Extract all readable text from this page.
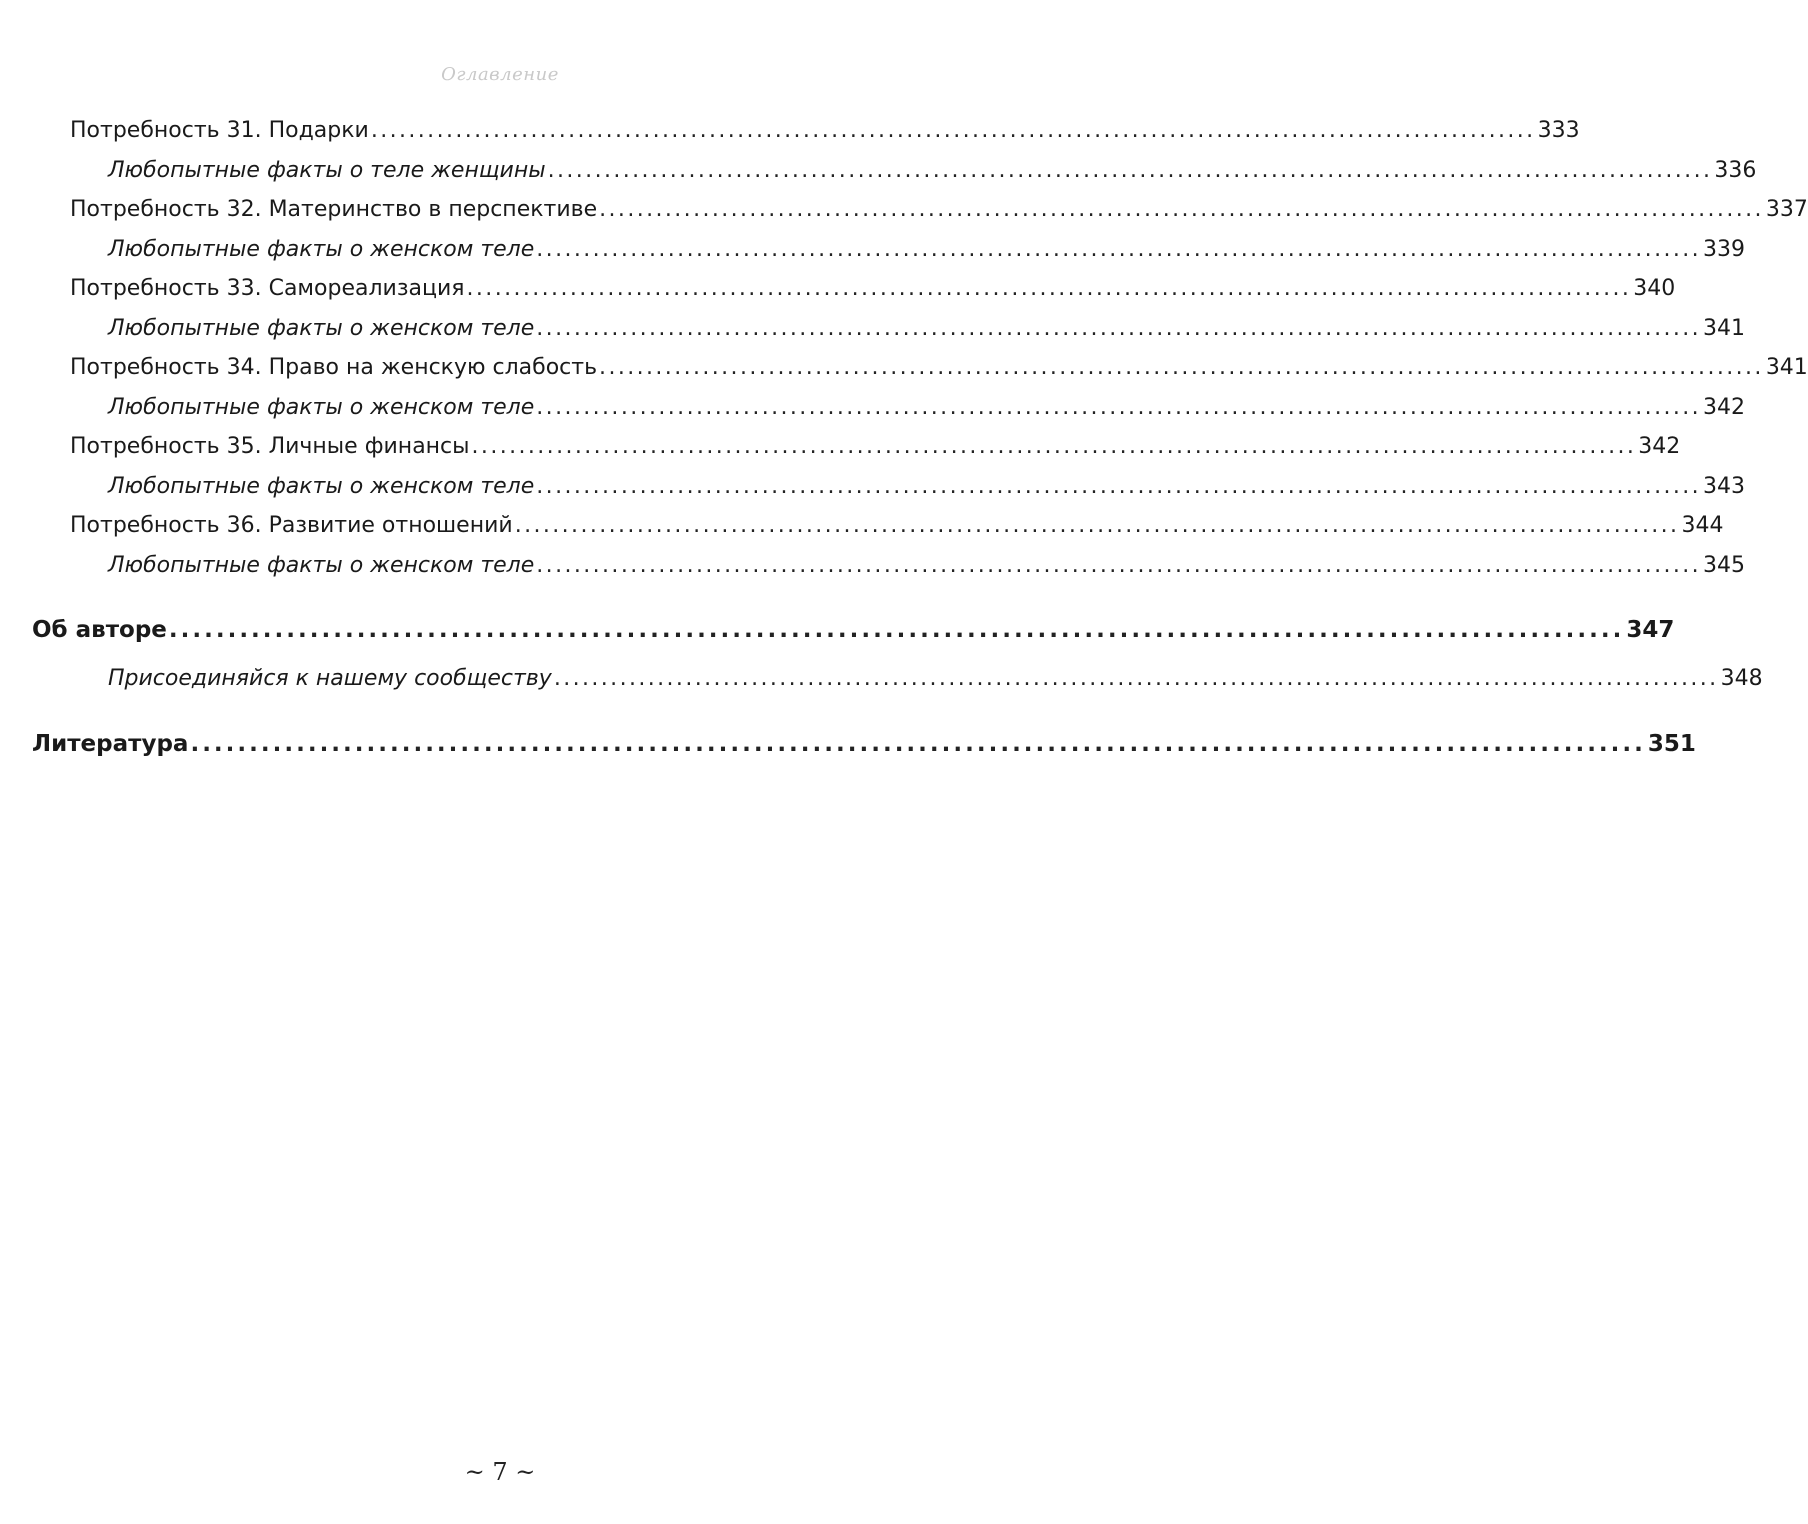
Оглавление
Потребность 31. Подарки ............................................................................................................................ 333
Любопытные факты о теле женщины ............................................................................................................................ 336
Потребность 32. Материнство в перспективе ............................................................................................................................ 337
Любопытные факты о женском теле ............................................................................................................................ 339
Потребность 33. Самореализация ............................................................................................................................ 340
Любопытные факты о женском теле ............................................................................................................................ 341
Потребность 34. Право на женскую слабость ............................................................................................................................ 341
Любопытные факты о женском теле ............................................................................................................................ 342
Потребность 35. Личные финансы ............................................................................................................................ 342
Любопытные факты о женском теле ............................................................................................................................ 343
Потребность 36. Развитие отношений ............................................................................................................................ 344
Любопытные факты о женском теле ............................................................................................................................ 345
Об авторе ............................................................................................................................ 347
Присоединяйся к нашему сообществу ............................................................................................................................ 348
Литература ............................................................................................................................ 351
~ 7 ~
